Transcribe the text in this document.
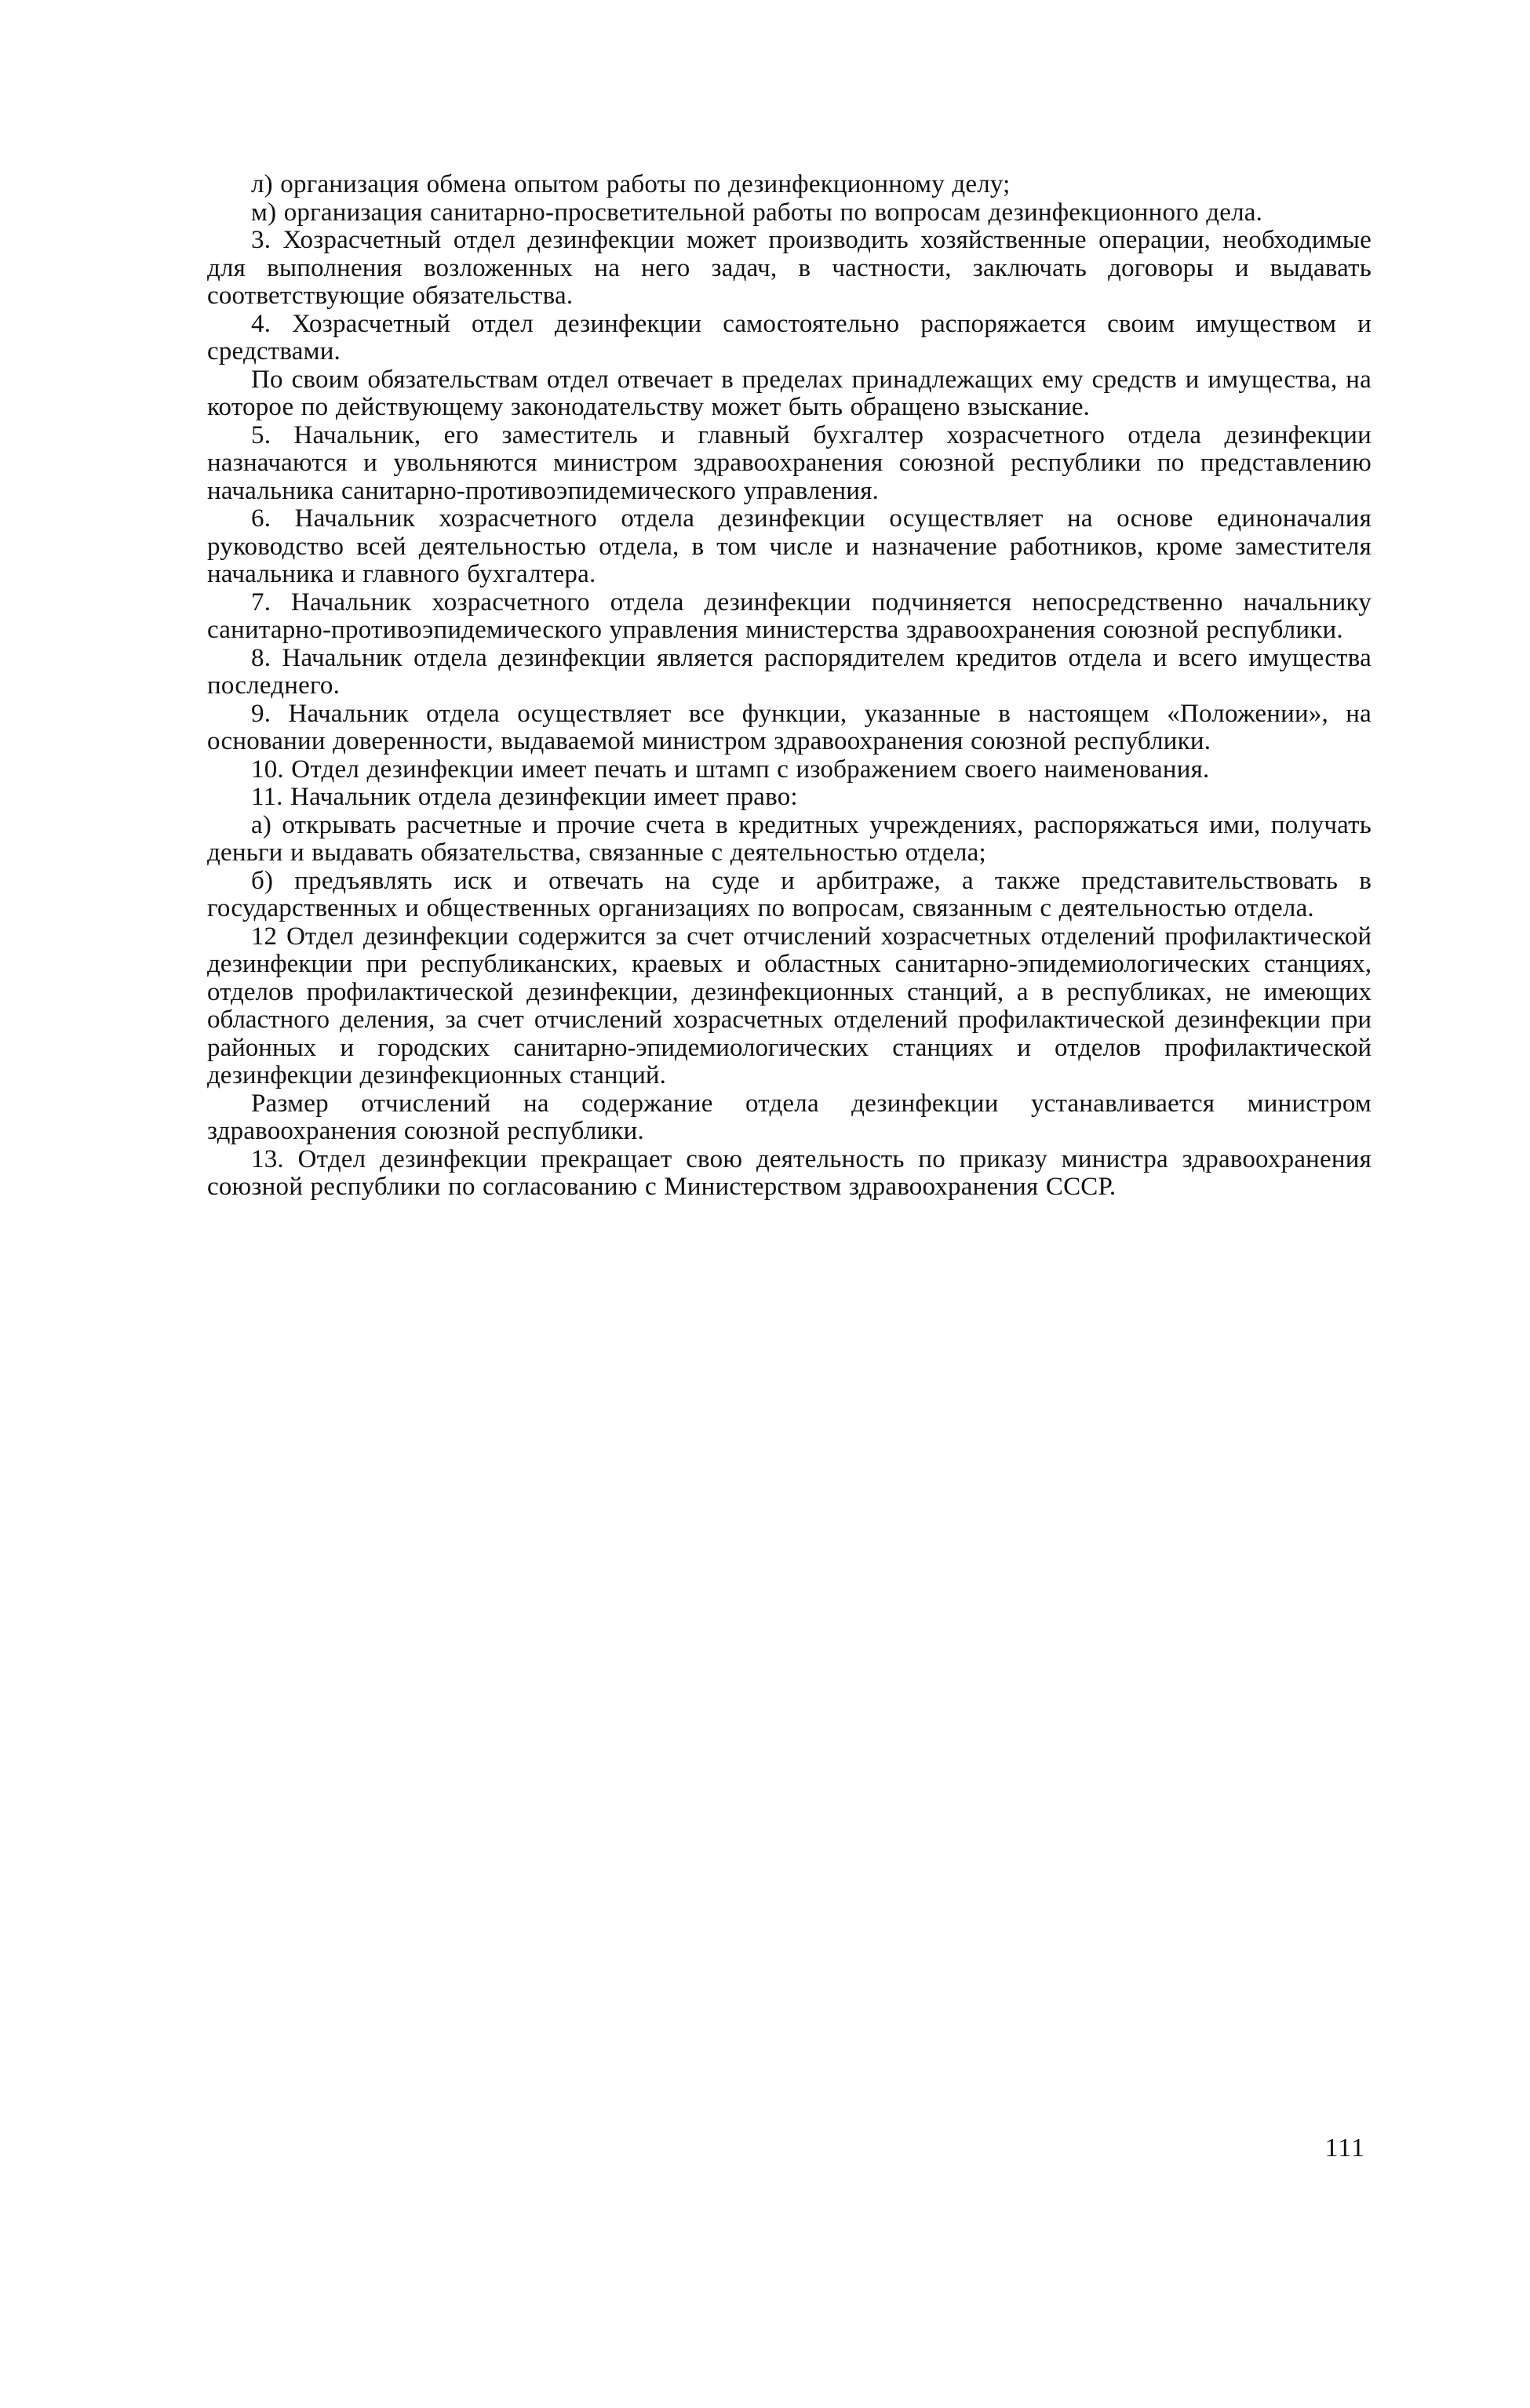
л) организация обмена опытом работы по дезинфекционному делу;

м) организация санитарно-просветительной работы по вопросам дезинфекционного дела.

3. Хозрасчетный отдел дезинфекции может производить хозяйственные операции, необходимые для выполнения возложенных на него задач, в частности, заключать договоры и выдавать соответствующие обязательства.

4. Хозрасчетный отдел дезинфекции самостоятельно распоряжается своим имуществом и средствами.

По своим обязательствам отдел отвечает в пределах принадлежащих ему средств и имущества, на которое по действующему законодательству может быть обращено взыскание.

5. Начальник, его заместитель и главный бухгалтер хозрасчетного отдела дезинфекции назначаются и увольняются министром здравоохранения союзной республики по представлению начальника санитарно-противоэпидемического управления.

6. Начальник хозрасчетного отдела дезинфекции осуществляет на основе единоначалия руководство всей деятельностью отдела, в том числе и назначение работников, кроме заместителя начальника и главного бухгалтера.

7. Начальник хозрасчетного отдела дезинфекции подчиняется непосредственно начальнику санитарно-противоэпидемического управления министерства здравоохранения союзной республики.

8. Начальник отдела дезинфекции является распорядителем кредитов отдела и всего имущества последнего.

9. Начальник отдела осуществляет все функции, указанные в настоящем «Положении», на основании доверенности, выдаваемой министром здравоохранения союзной республики.

10. Отдел дезинфекции имеет печать и штамп с изображением своего наименования.

11. Начальник отдела дезинфекции имеет право:

а) открывать расчетные и прочие счета в кредитных учреждениях, распоряжаться ими, получать деньги и выдавать обязательства, связанные с деятельностью отдела;

б) предъявлять иск и отвечать на суде и арбитраже, а также представительствовать в государственных и общественных организациях по вопросам, связанным с деятельностью отдела.

12 Отдел дезинфекции содержится за счет отчислений хозрасчетных отделений профилактической дезинфекции при республиканских, краевых и областных санитарно-эпидемиологических станциях, отделов профилактической дезинфекции, дезинфекционных станций, а в республиках, не имеющих областного деления, за счет отчислений хозрасчетных отделений профилактической дезинфекции при районных и городских санитарно-эпидемиологических станциях и отделов профилактической дезинфекции дезинфекционных станций.

Размер отчислений на содержание отдела дезинфекции устанавливается министром здравоохранения союзной республики.

13. Отдел дезинфекции прекращает свою деятельность по приказу министра здравоохранения союзной республики по согласованию с Министерством здравоохранения СССР.

111
